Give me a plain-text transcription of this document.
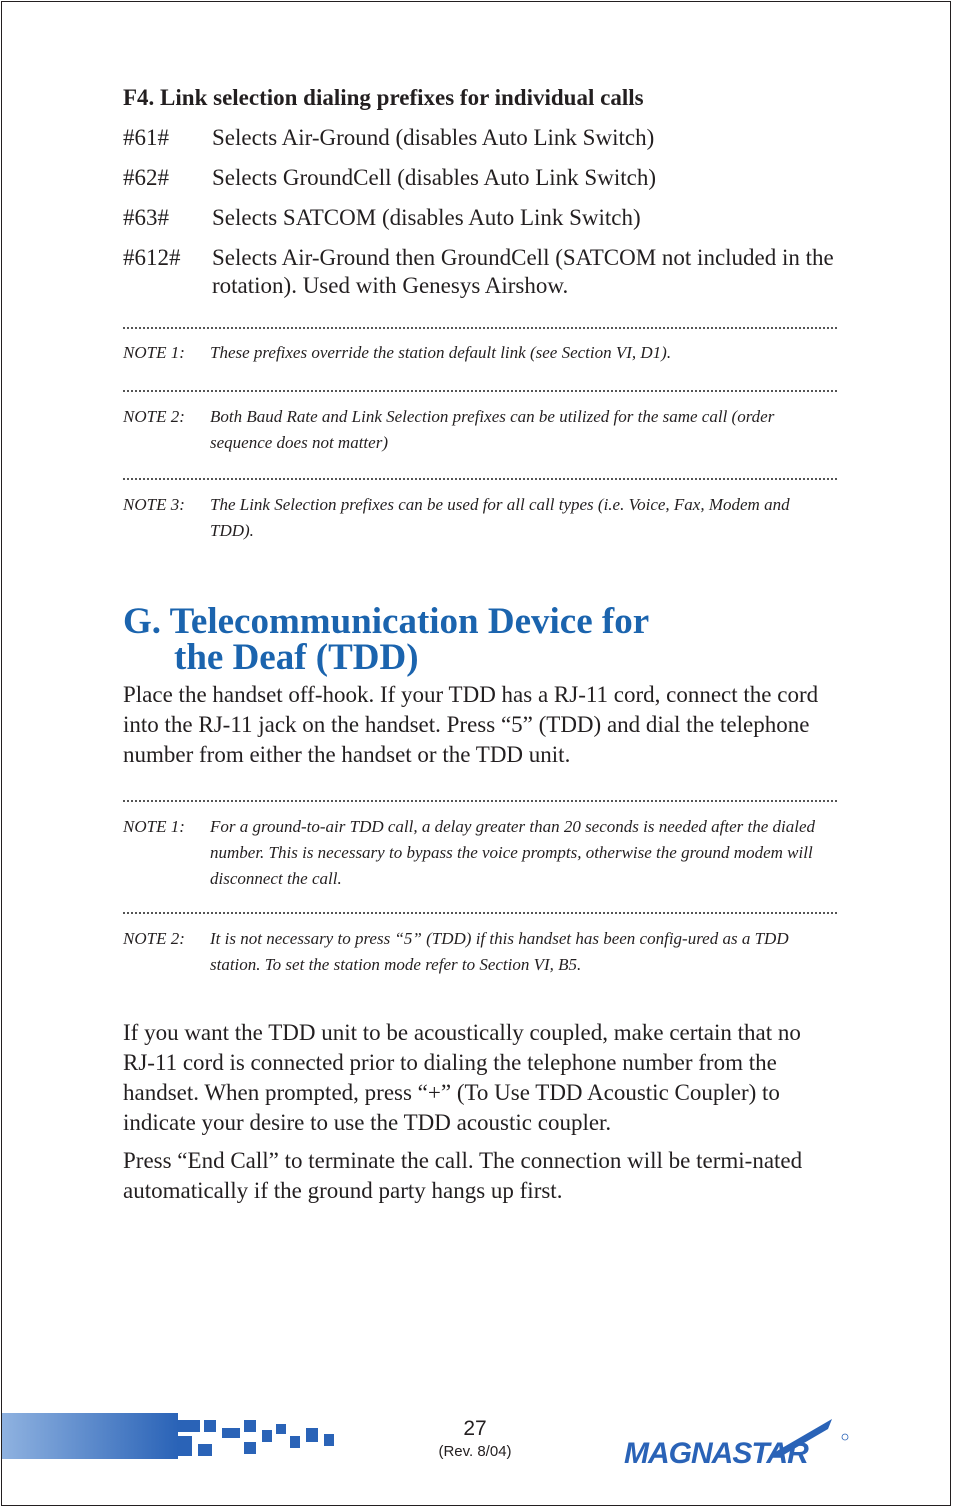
F4. Link selection dialing prefixes for individual calls
#61#	Selects Air-Ground (disables Auto Link Switch)
#62#	Selects GroundCell (disables Auto Link Switch)
#63#	Selects SATCOM (disables Auto Link Switch)
#612#	Selects Air-Ground then GroundCell (SATCOM not included in the rotation). Used with Genesys Airshow.
NOTE 1:	These prefixes override the station default link (see Section VI, D1).
NOTE 2:	Both Baud Rate and Link Selection prefixes can be utilized for the same call (order sequence does not matter)
NOTE 3:	The Link Selection prefixes can be used for all call types (i.e. Voice, Fax, Modem and TDD).
G. Telecommunication Device for
the Deaf (TDD)

Place the handset off-hook. If your TDD has a RJ-11 cord, connect the cord into the RJ-11 jack on the handset. Press “5” (TDD) and dial the telephone number from either the handset or the TDD unit.

NOTE 1:	For a ground-to-air TDD call, a delay greater than 20 seconds is needed after the dialed number. This is necessary to bypass the voice prompts, otherwise the ground modem will disconnect the call.
NOTE 2:	It is not necessary to press “5” (TDD) if this handset has been config-ured as a TDD station. To set the station mode refer to Section VI, B5.

If you want the TDD unit to be acoustically coupled, make certain that no RJ-11 cord is connected prior to dialing the telephone number from the handset. When prompted, press “+” (To Use TDD Acoustic Coupler) to indicate your desire to use the TDD acoustic coupler.

Press “End Call” to terminate the call. The connection will be termi-nated automatically if the ground party hangs up first.

27
(Rev. 8/04)	MAGNASTAR
